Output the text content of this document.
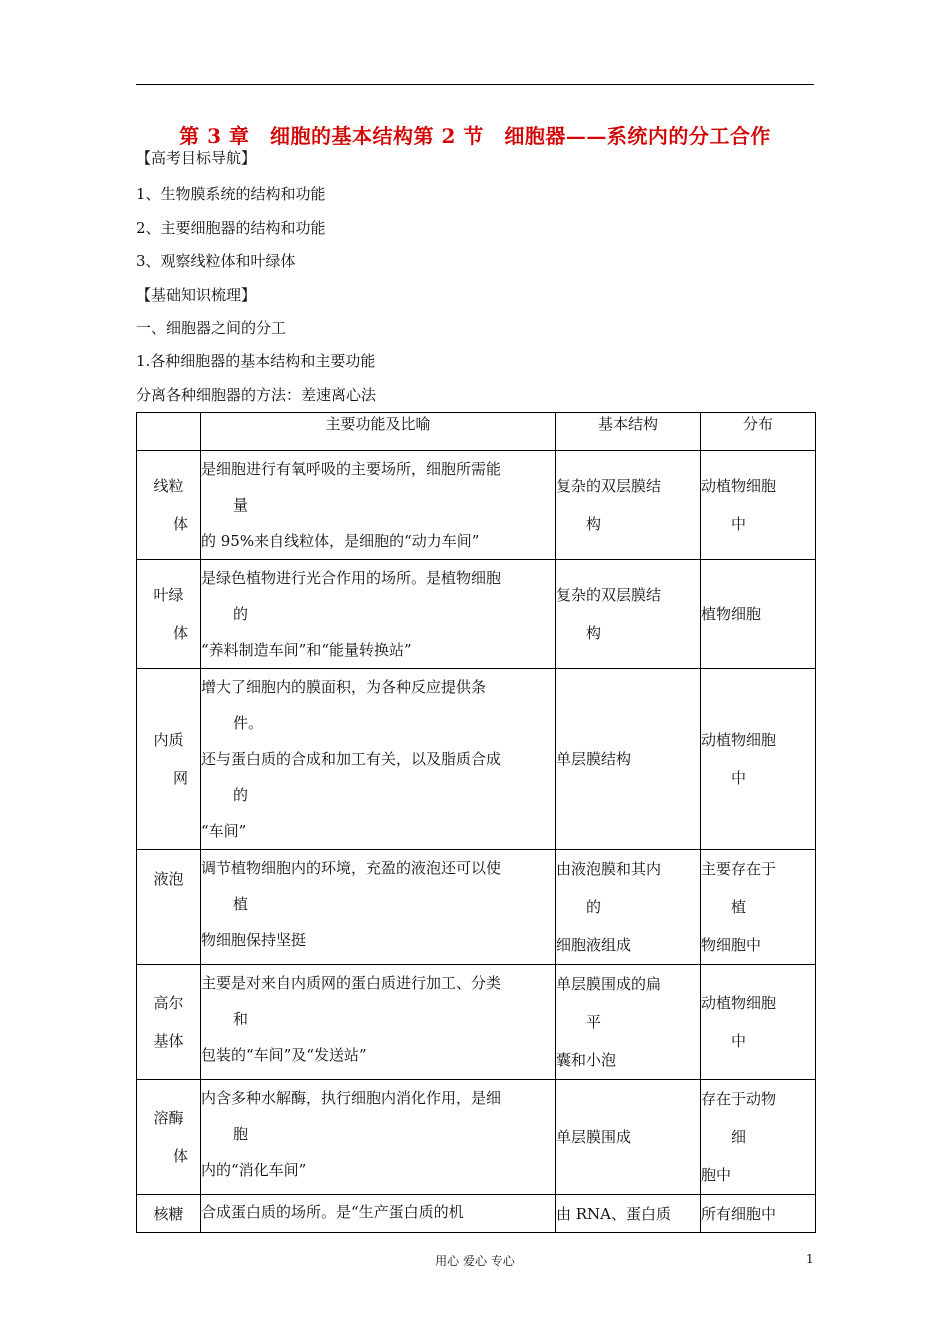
第 3 章　细胞的基本结构第 2 节　细胞器——系统内的分工合作
【高考目标导航】
1、生物膜系统的结构和功能
2、主要细胞器的结构和功能
3、观察线粒体和叶绿体
【基础知识梳理】
一、细胞器之间的分工
1.各种细胞器的基本结构和主要功能
分离各种细胞器的方法：差速离心法
	主要功能及比喻	基本结构	分布

线粒
体	是细胞进行有氧呼吸的主要场所，细胞所需能
量
的 95%来自线粒体，是细胞的“动力车间”	复杂的双层膜结
构	动植物细胞
中

叶绿
体	是绿色植物进行光合作用的场所。是植物细胞
的
“养料制造车间”和“能量转换站”	复杂的双层膜结
构	植物细胞

内质
网	增大了细胞内的膜面积，为各种反应提供条
件。
还与蛋白质的合成和加工有关，以及脂质合成
的
“车间”	单层膜结构	动植物细胞
中

液泡	调节植物细胞内的环境，充盈的液泡还可以使
植
物细胞保持坚挺	由液泡膜和其内
的
细胞液组成	主要存在于
植
物细胞中

高尔
基体	主要是对来自内质网的蛋白质进行加工、分类
和
包装的“车间”及“发送站”	单层膜围成的扁
平
囊和小泡	动植物细胞
中

溶酶
体	内含多种水解酶，执行细胞内消化作用，是细
胞
内的“消化车间”	单层膜围成	存在于动物
细
胞中

核糖	合成蛋白质的场所。是“生产蛋白质的机	由 RNA、蛋白质	所有细胞中
用心 爱心 专心	1
